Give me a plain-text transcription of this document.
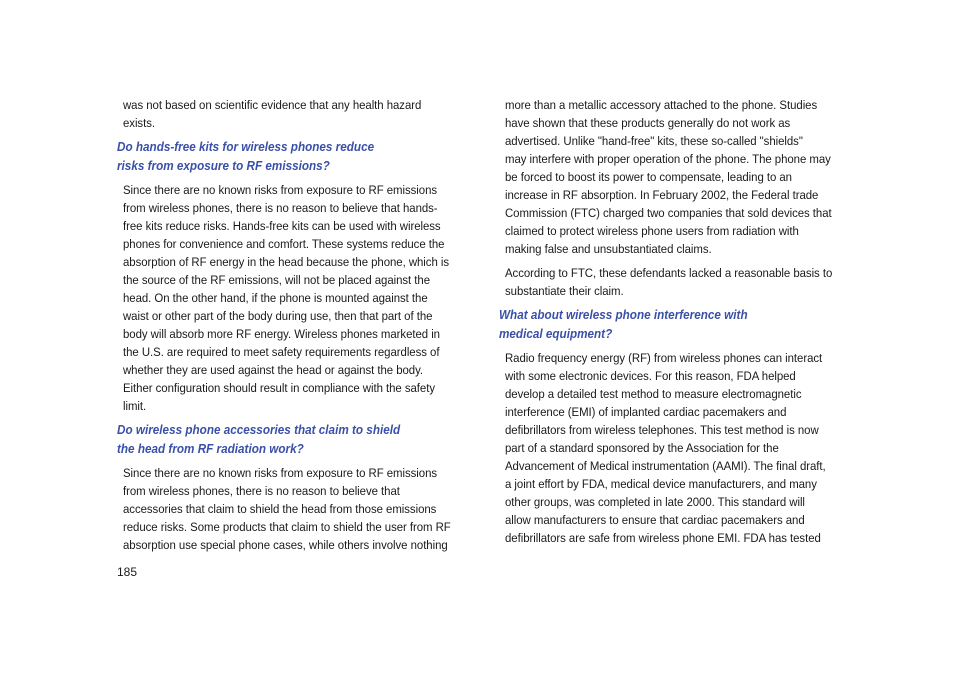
was not based on scientific evidence that any health hazard
exists.

Do hands-free kits for wireless phones reduce
risks from exposure to RF emissions?

Since there are no known risks from exposure to RF emissions
from wireless phones, there is no reason to believe that hands-
free kits reduce risks. Hands-free kits can be used with wireless
phones for convenience and comfort. These systems reduce the
absorption of RF energy in the head because the phone, which is
the source of the RF emissions, will not be placed against the
head. On the other hand, if the phone is mounted against the
waist or other part of the body during use, then that part of the
body will absorb more RF energy. Wireless phones marketed in
the U.S. are required to meet safety requirements regardless of
whether they are used against the head or against the body.
Either configuration should result in compliance with the safety
limit.

Do wireless phone accessories that claim to shield
the head from RF radiation work?

Since there are no known risks from exposure to RF emissions
from wireless phones, there is no reason to believe that
accessories that claim to shield the head from those emissions
reduce risks. Some products that claim to shield the user from RF
absorption use special phone cases, while others involve nothing

more than a metallic accessory attached to the phone. Studies
have shown that these products generally do not work as
advertised. Unlike "hand-free" kits, these so-called "shields"
may interfere with proper operation of the phone. The phone may
be forced to boost its power to compensate, leading to an
increase in RF absorption. In February 2002, the Federal trade
Commission (FTC) charged two companies that sold devices that
claimed to protect wireless phone users from radiation with
making false and unsubstantiated claims.

According to FTC, these defendants lacked a reasonable basis to
substantiate their claim.

What about wireless phone interference with
medical equipment?

Radio frequency energy (RF) from wireless phones can interact
with some electronic devices. For this reason, FDA helped
develop a detailed test method to measure electromagnetic
interference (EMI) of implanted cardiac pacemakers and
defibrillators from wireless telephones. This test method is now
part of a standard sponsored by the Association for the
Advancement of Medical instrumentation (AAMI). The final draft,
a joint effort by FDA, medical device manufacturers, and many
other groups, was completed in late 2000. This standard will
allow manufacturers to ensure that cardiac pacemakers and
defibrillators are safe from wireless phone EMI. FDA has tested

185
